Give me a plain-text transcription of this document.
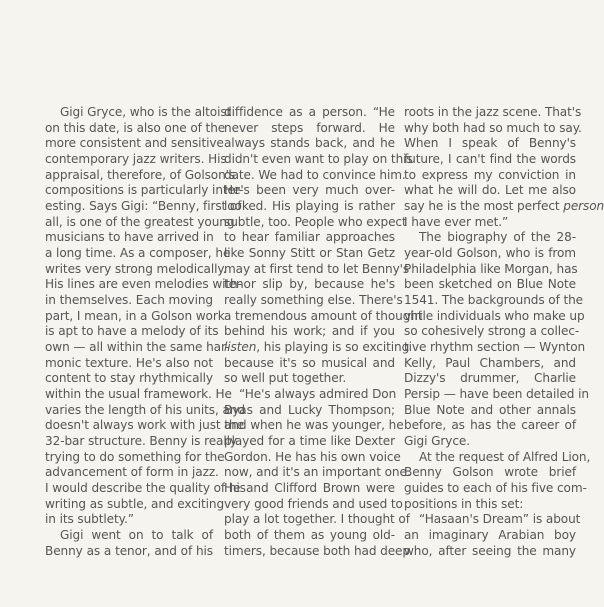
Gigi Gryce, who is the altoist
on this date, is also one of the
more consistent and sensitive
contemporary jazz writers. His
appraisal, therefore, of Golson's
compositions is particularly inter-
esting. Says Gigi: “Benny, first of
all, is one of the greatest young
musicians to have arrived in
a long time. As a composer, he
writes very strong melodically.
His lines are even melodies with-
in themselves. Each moving
part, I mean, in a Golson work
is apt to have a melody of its
own — all within the same har-
monic texture. He's also not
content to stay rhythmically
within the usual framework. He
varies the length of his units, and
doesn't always work with just the
32-bar structure. Benny is really
trying to do something for the
advancement of form in jazz.
I would describe the quality of his
writing as subtle, and exciting
in its subtlety.”
Gigi went on to talk of
Benny as a tenor, and of his
diffidence as a person. “He
never steps forward. He
always stands back, and he
didn't even want to play on this
date. We had to convince him.
He's been very much over-
looked. His playing is rather
subtle, too. People who expect
to hear familiar approaches
like Sonny Stitt or Stan Getz
may at first tend to let Benny's
tenor slip by, because he's
really something else. There's
a tremendous amount of thought
behind his work; and if you
listen, his playing is so exciting
because it's so musical and
so well put together.
“He's always admired Don
Byas and Lucky Thompson;
and when he was younger, he
played for a time like Dexter
Gordon. He has his own voice
now, and it's an important one.
He and Clifford Brown were
very good friends and used to
play a lot together. I thought of
both of them as young old-
timers, because both had deep
roots in the jazz scene. That's
why both had so much to say.
When I speak of Benny's
future, I can't find the words
to express my conviction in
what he will do. Let me also
say he is the most perfect person
I have ever met.”
The biography of the 28-
year-old Golson, who is from
Philadelphia like Morgan, has
been sketched on Blue Note
1541. The backgrounds of the
virile individuals who make up
so cohesively strong a collec-
tive rhythm section — Wynton
Kelly, Paul Chambers, and
Dizzy's drummer, Charlie
Persip — have been detailed in
Blue Note and other annals
before, as has the career of
Gigi Gryce.
At the request of Alfred Lion,
Benny Golson wrote brief
guides to each of his five com-
positions in this set:
“Hasaan's Dream” is about
an imaginary Arabian boy
who, after seeing the many
